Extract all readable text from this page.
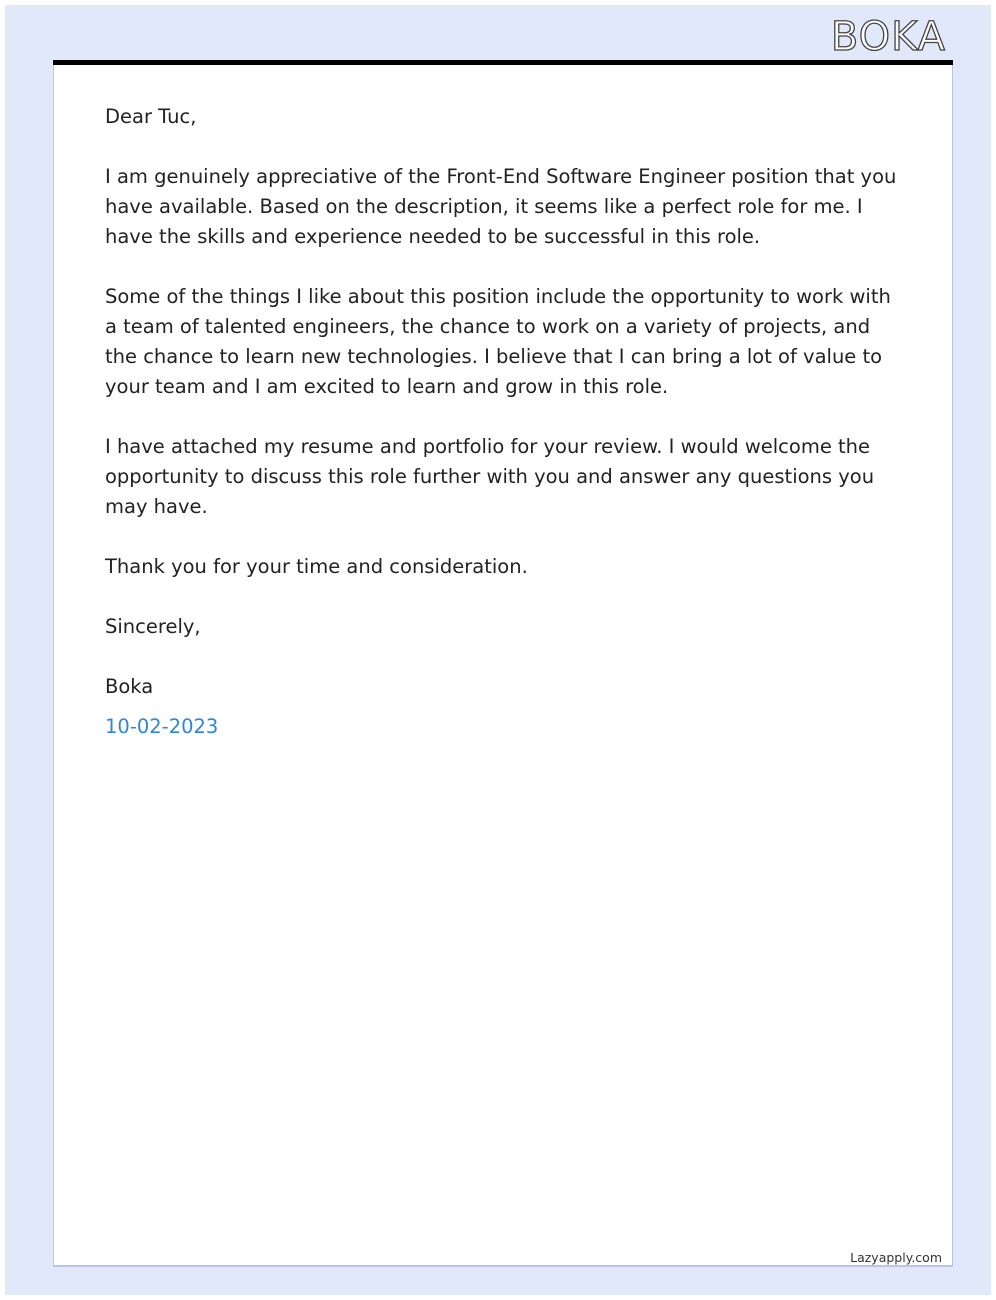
BOKA

Dear Tuc,

I am genuinely appreciative of the Front-End Software Engineer position that you have available. Based on the description, it seems like a perfect role for me. I have the skills and experience needed to be successful in this role.

Some of the things I like about this position include the opportunity to work with a team of talented engineers, the chance to work on a variety of projects, and the chance to learn new technologies. I believe that I can bring a lot of value to your team and I am excited to learn and grow in this role.

I have attached my resume and portfolio for your review. I would welcome the opportunity to discuss this role further with you and answer any questions you may have.

Thank you for your time and consideration.

Sincerely,

Boka

10-02-2023
Lazyapply.com
